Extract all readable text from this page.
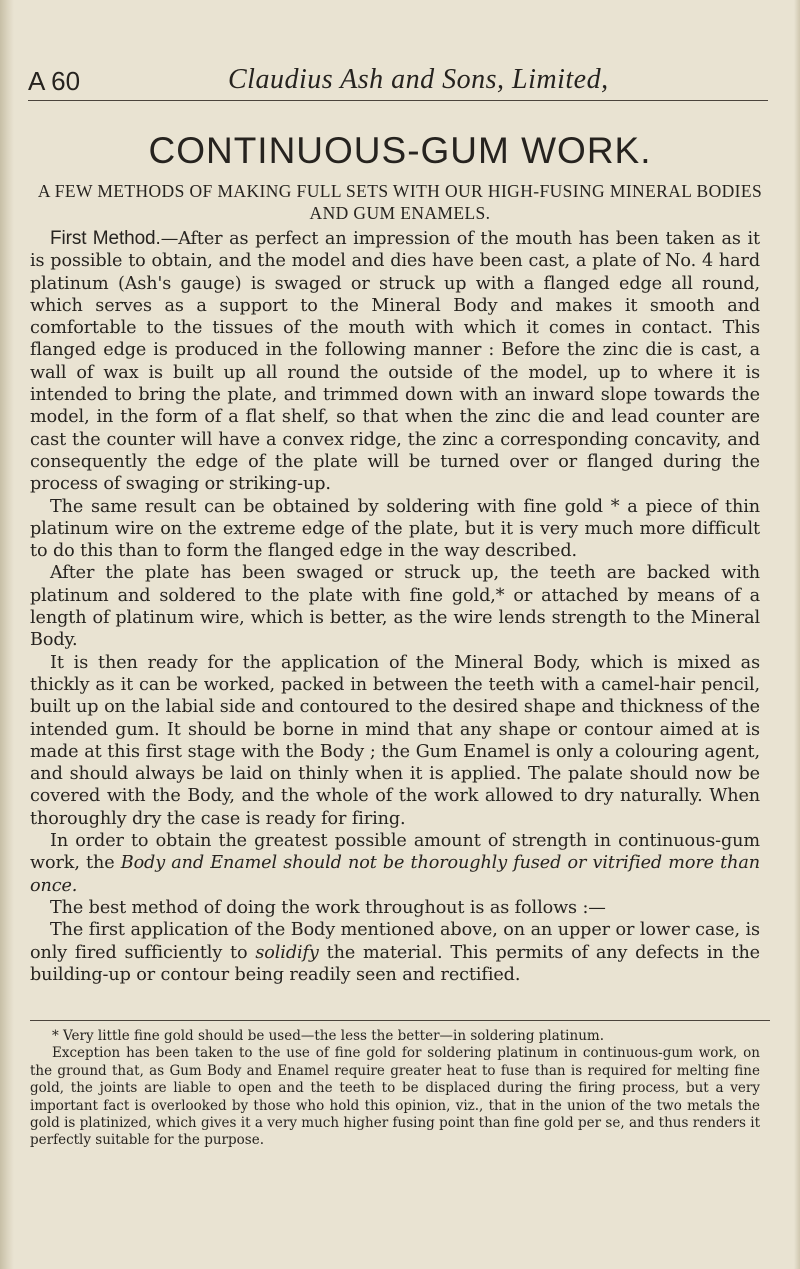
A 60	Claudius Ash and Sons, Limited,
CONTINUOUS-GUM WORK.
A FEW METHODS OF MAKING FULL SETS WITH OUR HIGH-FUSING MINERAL BODIES AND GUM ENAMELS.

First Method.—After as perfect an impression of the mouth has been taken as it is possible to obtain, and the model and dies have been cast, a plate of No. 4 hard platinum (Ash's gauge) is swaged or struck up with a flanged edge all round, which serves as a support to the Mineral Body and makes it smooth and comfortable to the tissues of the mouth with which it comes in contact. This flanged edge is produced in the following manner : Before the zinc die is cast, a wall of wax is built up all round the outside of the model, up to where it is intended to bring the plate, and trimmed down with an inward slope towards the model, in the form of a flat shelf, so that when the zinc die and lead counter are cast the counter will have a convex ridge, the zinc a corresponding concavity, and consequently the edge of the plate will be turned over or flanged during the process of swaging or striking-up.

The same result can be obtained by soldering with fine gold * a piece of thin platinum wire on the extreme edge of the plate, but it is very much more difficult to do this than to form the flanged edge in the way described.

After the plate has been swaged or struck up, the teeth are backed with platinum and soldered to the plate with fine gold,* or attached by means of a length of platinum wire, which is better, as the wire lends strength to the Mineral Body.

It is then ready for the application of the Mineral Body, which is mixed as thickly as it can be worked, packed in between the teeth with a camel-hair pencil, built up on the labial side and contoured to the desired shape and thickness of the intended gum. It should be borne in mind that any shape or contour aimed at is made at this first stage with the Body ; the Gum Enamel is only a colouring agent, and should always be laid on thinly when it is applied. The palate should now be covered with the Body, and the whole of the work allowed to dry naturally. When thoroughly dry the case is ready for firing.

In order to obtain the greatest possible amount of strength in continuous-gum work, the Body and Enamel should not be thoroughly fused or vitrified more than once.

The best method of doing the work throughout is as follows :—

The first application of the Body mentioned above, on an upper or lower case, is only fired sufficiently to solidify the material. This permits of any defects in the building-up or contour being readily seen and rectified.

* Very little fine gold should be used—the less the better—in soldering platinum.

Exception has been taken to the use of fine gold for soldering platinum in continuous-gum work, on the ground that, as Gum Body and Enamel require greater heat to fuse than is required for melting fine gold, the joints are liable to open and the teeth to be displaced during the firing process, but a very important fact is overlooked by those who hold this opinion, viz., that in the union of the two metals the gold is platinized, which gives it a very much higher fusing point than fine gold per se, and thus renders it perfectly suitable for the purpose.
